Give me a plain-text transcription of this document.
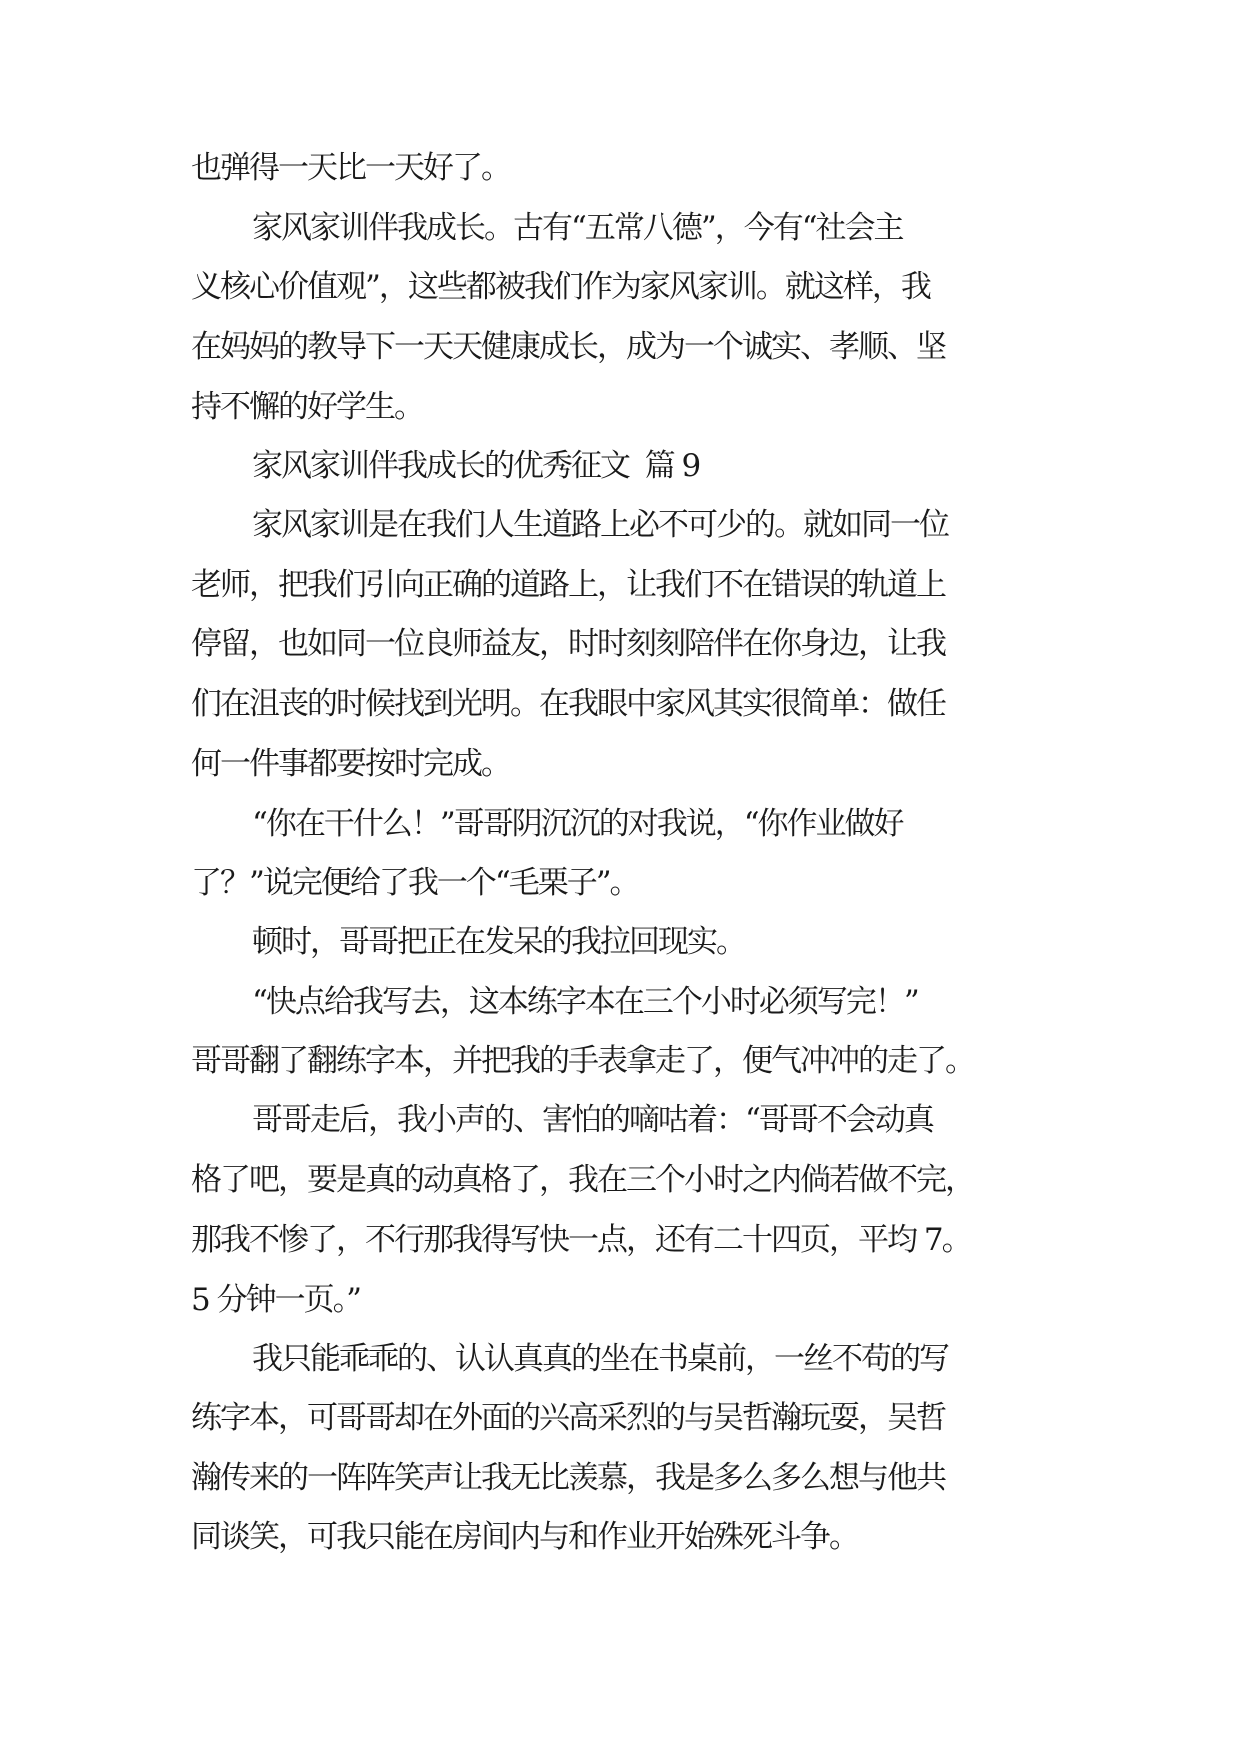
也弹得一天比一天好了。
家风家训伴我成长。古有“五常八德”，今有“社会主
义核心价值观”，这些都被我们作为家风家训。就这样，我
在妈妈的教导下一天天健康成长，成为一个诚实、孝顺、坚
持不懈的好学生。
家风家训伴我成长的优秀征文  篇 9
家风家训是在我们人生道路上必不可少的。就如同一位
老师，把我们引向正确的道路上，让我们不在错误的轨道上
停留，也如同一位良师益友，时时刻刻陪伴在你身边，让我
们在沮丧的时候找到光明。在我眼中家风其实很简单：做任
何一件事都要按时完成。
“你在干什么！”哥哥阴沉沉的对我说，“你作业做好
了？”说完便给了我一个“毛栗子”。
顿时，哥哥把正在发呆的我拉回现实。
“快点给我写去，这本练字本在三个小时必须写完！”
哥哥翻了翻练字本，并把我的手表拿走了，便气冲冲的走了。
哥哥走后，我小声的、害怕的嘀咕着：“哥哥不会动真
格了吧，要是真的动真格了，我在三个小时之内倘若做不完，
那我不惨了，不行那我得写快一点，还有二十四页，平均 7。
5 分钟一页。”
我只能乖乖的、认认真真的坐在书桌前，一丝不苟的写
练字本，可哥哥却在外面的兴高采烈的与吴哲瀚玩耍，吴哲
瀚传来的一阵阵笑声让我无比羡慕，我是多么多么想与他共
同谈笑，可我只能在房间内与和作业开始殊死斗争。
